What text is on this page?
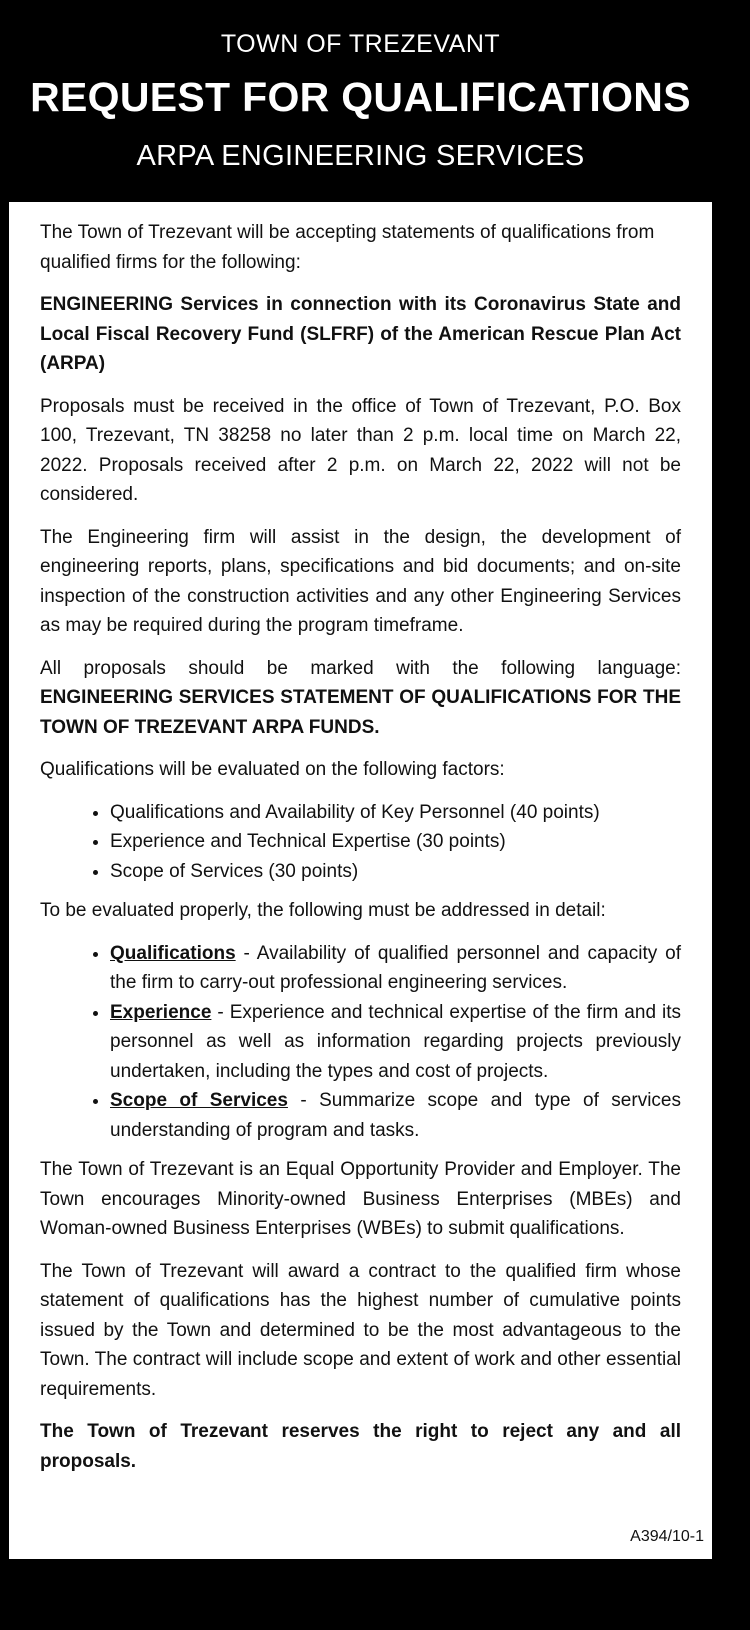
TOWN OF TREZEVANT
REQUEST FOR QUALIFICATIONS
ARPA ENGINEERING SERVICES

The Town of Trezevant will be accepting statements of qualifications from qualified firms for the following:

ENGINEERING Services in connection with its Coronavirus State and Local Fiscal Recovery Fund (SLFRF) of the American Rescue Plan Act (ARPA)

Proposals must be received in the office of Town of Trezevant, P.O. Box 100, Trezevant, TN 38258 no later than 2 p.m. local time on March 22, 2022. Proposals received after 2 p.m. on March 22, 2022 will not be considered.

The Engineering firm will assist in the design, the development of engineering reports, plans, specifications and bid documents; and on-site inspection of the construction activities and any other Engineering Services as may be required during the program timeframe.

All proposals should be marked with the following language: ENGINEERING SERVICES STATEMENT OF QUALIFICATIONS FOR THE TOWN OF TREZEVANT ARPA FUNDS.

Qualifications will be evaluated on the following factors:

• Qualifications and Availability of Key Personnel (40 points)
• Experience and Technical Expertise (30 points)
• Scope of Services (30 points)

To be evaluated properly, the following must be addressed in detail:

• Qualifications - Availability of qualified personnel and capacity of the firm to carry-out professional engineering services.
• Experience - Experience and technical expertise of the firm and its personnel as well as information regarding projects previously undertaken, including the types and cost of projects.
• Scope of Services - Summarize scope and type of services understanding of program and tasks.

The Town of Trezevant is an Equal Opportunity Provider and Employer. The Town encourages Minority-owned Business Enterprises (MBEs) and Woman-owned Business Enterprises (WBEs) to submit qualifications.

The Town of Trezevant will award a contract to the qualified firm whose statement of qualifications has the highest number of cumulative points issued by the Town and determined to be the most advantageous to the Town. The contract will include scope and extent of work and other essential requirements.

The Town of Trezevant reserves the right to reject any and all proposals.

A394/10-1
